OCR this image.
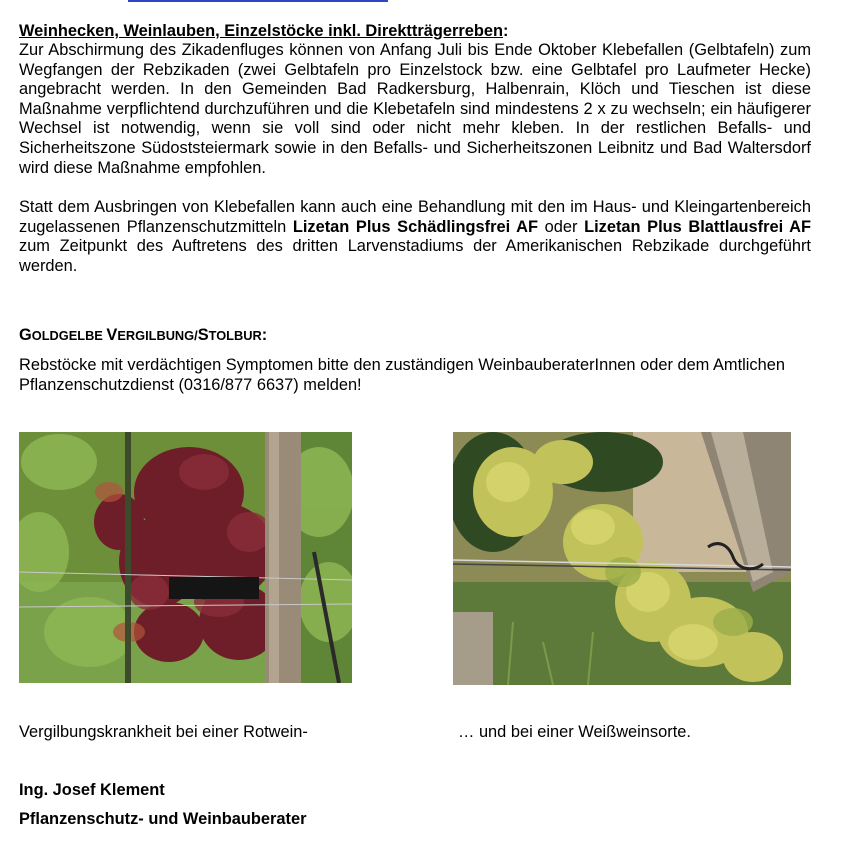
Weinhecken, Weinlauben, Einzelstöcke inkl. Direktträgerreben:

Zur Abschirmung des Zikadenfluges können von Anfang Juli bis Ende Oktober Klebefallen (Gelbtafeln) zum Wegfangen der Rebzikaden (zwei Gelbtafeln pro Einzelstock bzw. eine Gelbtafel pro Laufmeter Hecke) angebracht werden. In den Gemeinden Bad Radkersburg, Halbenrain, Klöch und Tieschen ist diese Maßnahme verpflichtend durchzuführen und die Klebetafeln sind mindestens 2 x zu wechseln; ein häufigerer Wechsel ist notwendig, wenn sie voll sind oder nicht mehr kleben. In der restlichen Befalls- und Sicherheitszone Südoststeiermark sowie in den Befalls- und Sicherheitszonen Leibnitz und Bad Waltersdorf wird diese Maßnahme empfohlen.

Statt dem Ausbringen von Klebefallen kann auch eine Behandlung mit den im Haus- und Kleingartenbereich zugelassenen Pflanzenschutzmitteln Lizetan Plus Schädlingsfrei AF oder Lizetan Plus Blattlausfrei AF zum Zeitpunkt des Auftretens des dritten Larvenstadiums der Amerikanischen Rebzikade durchgeführt werden.

GOLDGELBE VERGILBUNG/STOLBUR:

Rebstöcke mit verdächtigen Symptomen bitte den zuständigen WeinbauberaterInnen oder dem Amtlichen Pflanzenschutzdienst (0316/877 6637) melden!

Vergilbungskrankheit bei einer Rotwein-	… und bei einer Weißweinsorte.

Ing. Josef Klement

Pflanzenschutz- und Weinbauberater
